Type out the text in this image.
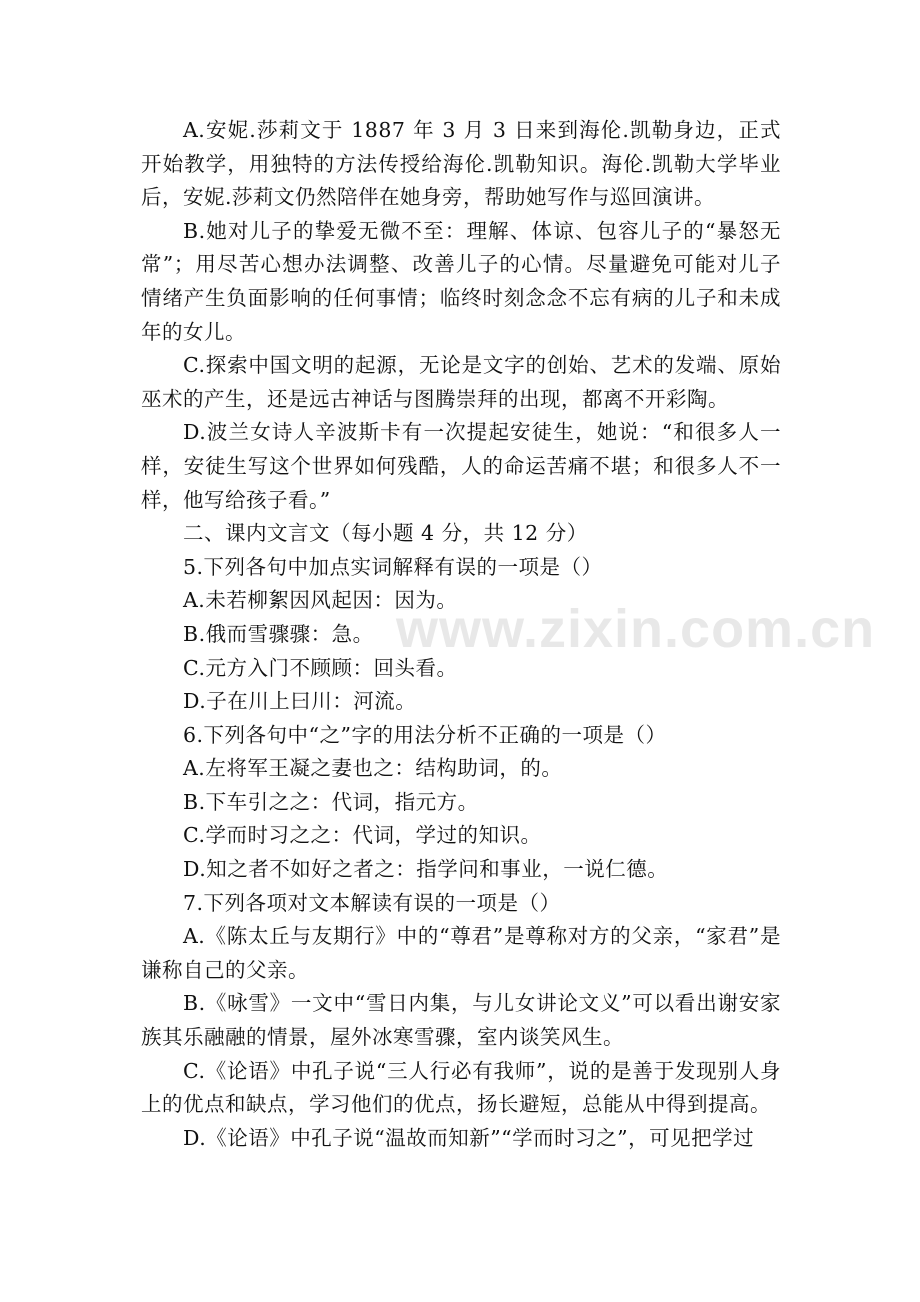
A.安妮.莎莉文于 1887 年 3 月 3 日来到海伦.凯勒身边，正式开始教学，用独特的方法传授给海伦.凯勒知识。海伦.凯勒大学毕业后，安妮.莎莉文仍然陪伴在她身旁，帮助她写作与巡回演讲。

B.她对儿子的挚爱无微不至：理解、体谅、包容儿子的“暴怒无常”；用尽苦心想办法调整、改善儿子的心情。尽量避免可能对儿子情绪产生负面影响的任何事情；临终时刻念念不忘有病的儿子和未成年的女儿。

C.探索中国文明的起源，无论是文字的创始、艺术的发端、原始巫术的产生，还是远古神话与图腾崇拜的出现，都离不开彩陶。

D.波兰女诗人辛波斯卡有一次提起安徒生，她说：“和很多人一样，安徒生写这个世界如何残酷，人的命运苦痛不堪；和很多人不一样，他写给孩子看。”

二、课内文言文（每小题 4 分，共 12 分）

5.下列各句中加点实词解释有误的一项是（）

A.未若柳絮因风起因：因为。

B.俄而雪骤骤：急。

C.元方入门不顾顾：回头看。

D.子在川上曰川：河流。

6.下列各句中“之”字的用法分析不正确的一项是（）

A.左将军王凝之妻也之：结构助词，的。

B.下车引之之：代词，指元方。

C.学而时习之之：代词，学过的知识。

D.知之者不如好之者之：指学问和事业，一说仁德。

7.下列各项对文本解读有误的一项是（）

A.《陈太丘与友期行》中的“尊君”是尊称对方的父亲，“家君”是谦称自己的父亲。

B.《咏雪》一文中“雪日内集，与儿女讲论文义”可以看出谢安家族其乐融融的情景，屋外冰寒雪骤，室内谈笑风生。

C.《论语》中孔子说“三人行必有我师”，说的是善于发现别人身上的优点和缺点，学习他们的优点，扬长避短，总能从中得到提高。

D.《论语》中孔子说“温故而知新”“学而时习之”，可见把学过

www.zixin.com.cn
